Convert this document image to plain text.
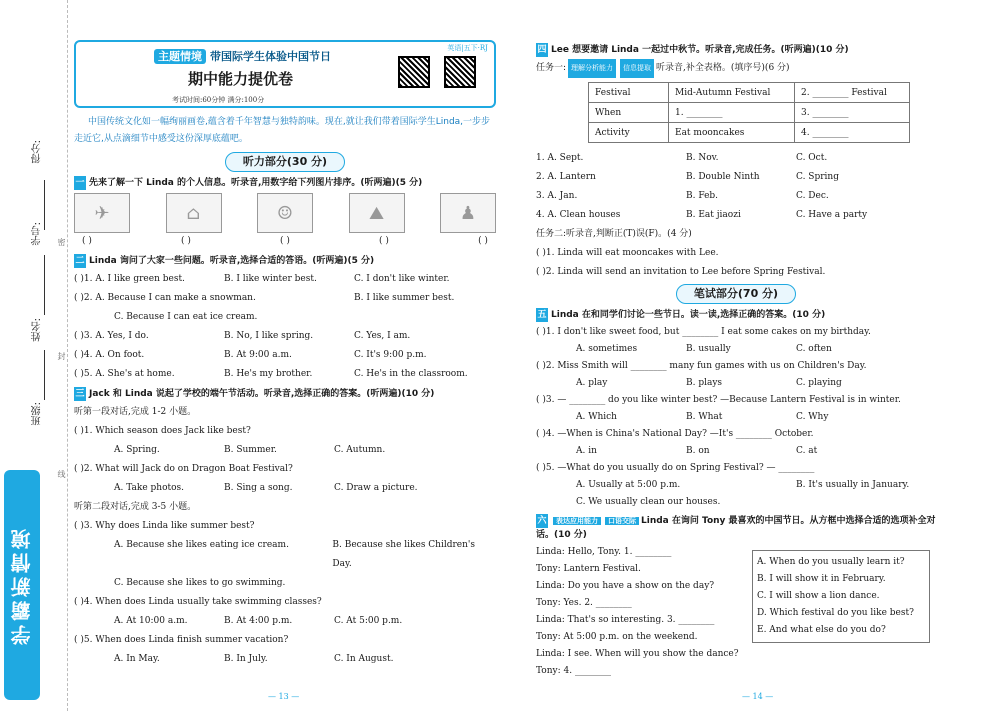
得分:
学号:
姓名:
班级:
密
封
线
学霸新情境
主题情境 带国际学生体验中国节日
期中能力提优卷
考试时间:60分钟 满分:100分
英语|五下·RJ
中国传统文化如一幅绚丽画卷,蕴含着千年智慧与独特韵味。现在,就让我们带着国际学生Linda,一步步走近它,从点滴细节中感受这份深厚底蕴吧。
听力部分(30 分)
一 先来了解一下 Linda 的个人信息。听录音,用数字给下列图片排序。(听两遍)(5 分)
✈	⌂	☺	⛰	♟
( )	( )	( )	( )	( )
二 Linda 询问了大家一些问题。听录音,选择合适的答语。(听两遍)(5 分)
( )1. A. I like green best.	B. I like winter best.	C. I don't like winter.
( )2. A. Because I can make a snowman.	B. I like summer best.
C. Because I can eat ice cream.
( )3. A. Yes, I do.	B. No, I like spring.	C. Yes, I am.
( )4. A. On foot.	B. At 9:00 a.m.	C. It's 9:00 p.m.
( )5. A. She's at home.	B. He's my brother.	C. He's in the classroom.
三 Jack 和 Linda 说起了学校的端午节活动。听录音,选择正确的答案。(听两遍)(10 分)
听第一段对话,完成 1-2 小题。
( )1. Which season does Jack like best?
A. Spring.	B. Summer.	C. Autumn.
( )2. What will Jack do on Dragon Boat Festival?
A. Take photos.	B. Sing a song.	C. Draw a picture.
听第二段对话,完成 3-5 小题。
( )3. Why does Linda like summer best?
A. Because she likes eating ice cream.	B. Because she likes Children's Day.
C. Because she likes to go swimming.
( )4. When does Linda usually take swimming classes?
A. At 10:00 a.m.	B. At 4:00 p.m.	C. At 5:00 p.m.
( )5. When does Linda finish summer vacation?
A. In May.	B. In July.	C. In August.
— 13 —
四 Lee 想要邀请 Linda 一起过中秋节。听录音,完成任务。(听两遍)(10 分)
任务一: 理解分析能力	信息提取 听录音,补全表格。(填序号)(6 分)
Festival	Mid-Autumn Festival	2. ________ Festival
When	1. ________	3. ________
Activity	Eat mooncakes	4. ________
1. A. Sept.	B. Nov.	C. Oct.
2. A. Lantern	B. Double Ninth	C. Spring
3. A. Jan.	B. Feb.	C. Dec.
4. A. Clean houses	B. Eat jiaozi	C. Have a party
任务二:听录音,判断正(T)误(F)。(4 分)
( )1. Linda will eat mooncakes with Lee.
( )2. Linda will send an invitation to Lee before Spring Festival.
笔试部分(70 分)
五 Linda 在和同学们讨论一些节日。读一读,选择正确的答案。(10 分)
( )1. I don't like sweet food, but ________ I eat some cakes on my birthday.
A. sometimes	B. usually	C. often
( )2. Miss Smith will ________ many fun games with us on Children's Day.
A. play	B. plays	C. playing
( )3. — ________ do you like winter best? —Because Lantern Festival is in winter.
A. Which	B. What	C. Why
( )4. —When is China's National Day? —It's ________ October.
A. in	B. on	C. at
( )5. —What do you usually do on Spring Festival? — ________
A. Usually at 5:00 p.m.	B. It's usually in January.
C. We usually clean our houses.
六 表达应用能力 口语交际 Linda 在询问 Tony 最喜欢的中国节日。从方框中选择合适的选项补全对话。(10 分)
Linda: Hello, Tony. 1. ________
Tony: Lantern Festival.
Linda: Do you have a show on the day?
Tony: Yes. 2. ________
Linda: That's so interesting. 3. ________
Tony: At 5:00 p.m. on the weekend.
Linda: I see. When will you show the dance?
Tony: 4. ________
A. When do you usually learn it?
B. I will show it in February.
C. I will show a lion dance.
D. Which festival do you like best?
E. And what else do you do?
— 14 —
